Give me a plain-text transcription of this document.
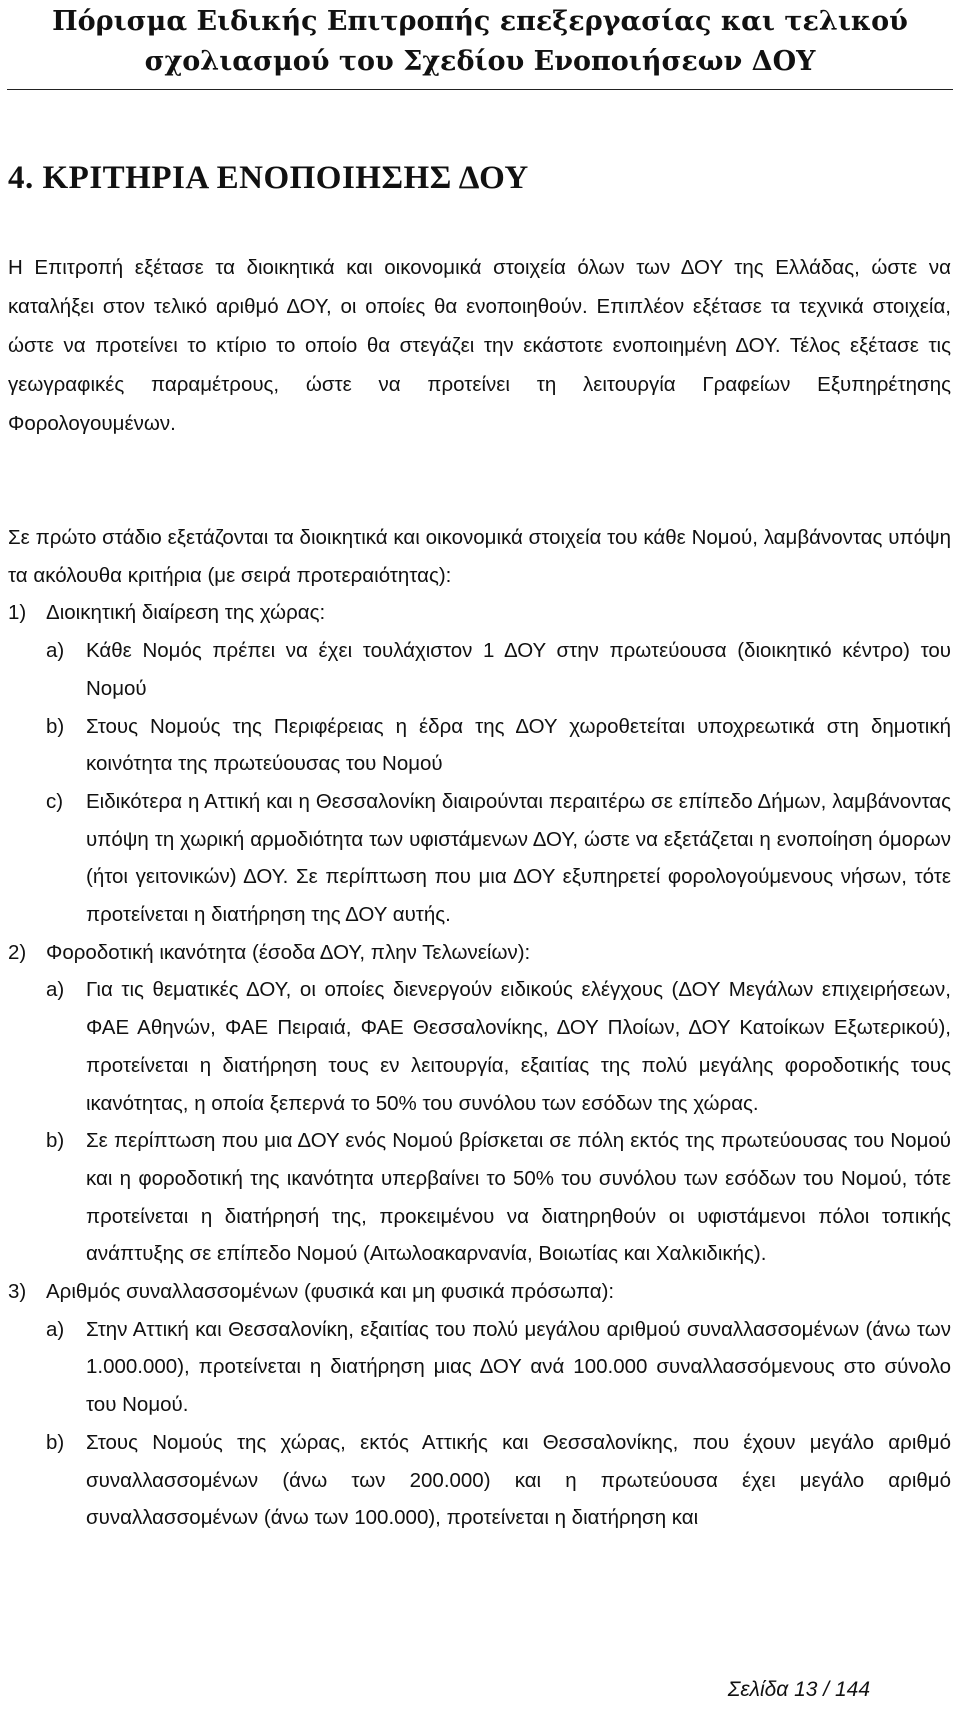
Πόρισμα Ειδικής Επιτροπής επεξεργασίας και τελικού
σχολιασμού του Σχεδίου Ενοποιήσεων ΔΟΥ
4. ΚΡΙΤΗΡΙΑ ΕΝΟΠΟΙΗΣΗΣ ΔΟΥ

Η Επιτροπή εξέτασε τα διοικητικά και οικονομικά στοιχεία όλων των ΔΟΥ της Ελλάδας, ώστε να καταλήξει στον τελικό αριθμό ΔΟΥ, οι οποίες θα ενοποιηθούν. Επιπλέον εξέτασε τα τεχνικά στοιχεία, ώστε να προτείνει το κτίριο το οποίο θα στεγάζει την εκάστοτε ενοποιημένη ΔΟΥ. Τέλος εξέτασε τις γεωγραφικές παραμέτρους, ώστε να προτείνει τη λειτουργία Γραφείων Εξυπηρέτησης Φορολογουμένων.

Σε πρώτο στάδιο εξετάζονται τα διοικητικά και οικονομικά στοιχεία του κάθε Νομού, λαμβάνοντας υπόψη τα ακόλουθα κριτήρια (με σειρά προτεραιότητας):

1) Διοικητική διαίρεση της χώρας:
a)	Κάθε Νομός πρέπει να έχει τουλάχιστον 1 ΔΟΥ στην πρωτεύουσα (διοικητικό κέντρο) του Νομού
b)	Στους Νομούς της Περιφέρειας η έδρα της ΔΟΥ χωροθετείται υποχρεωτικά στη δημοτική κοινότητα της πρωτεύουσας του Νομού
c)	Ειδικότερα η Αττική και η Θεσσαλονίκη διαιρούνται περαιτέρω σε επίπεδο Δήμων, λαμβάνοντας υπόψη τη χωρική αρμοδιότητα των υφιστάμενων ΔΟΥ, ώστε να εξετάζεται η ενοποίηση όμορων (ήτοι γειτονικών) ΔΟΥ. Σε περίπτωση που μια ΔΟΥ εξυπηρετεί φορολογούμενους νήσων, τότε προτείνεται η διατήρηση της ΔΟΥ αυτής.
2) Φοροδοτική ικανότητα (έσοδα ΔΟΥ, πλην Τελωνείων):
a)	Για τις θεματικές ΔΟΥ, οι οποίες διενεργούν ειδικούς ελέγχους (ΔΟΥ Μεγάλων επιχειρήσεων, ΦΑΕ Αθηνών, ΦΑΕ Πειραιά, ΦΑΕ Θεσσαλονίκης, ΔΟΥ Πλοίων, ΔΟΥ Κατοίκων Εξωτερικού), προτείνεται η διατήρηση τους εν λειτουργία, εξαιτίας της πολύ μεγάλης φοροδοτικής τους ικανότητας, η οποία ξεπερνά το 50% του συνόλου των εσόδων της χώρας.
b)	Σε περίπτωση που μια ΔΟΥ ενός Νομού βρίσκεται σε πόλη εκτός της πρωτεύουσας του Νομού και η φοροδοτική της ικανότητα υπερβαίνει το 50% του συνόλου των εσόδων του Νομού, τότε προτείνεται η διατήρησή της, προκειμένου να διατηρηθούν οι υφιστάμενοι πόλοι τοπικής ανάπτυξης σε επίπεδο Νομού (Αιτωλοακαρνανία, Βοιωτίας και Χαλκιδικής).
3) Αριθμός συναλλασσομένων (φυσικά και μη φυσικά πρόσωπα):
a)	Στην Αττική και Θεσσαλονίκη, εξαιτίας του πολύ μεγάλου αριθμού συναλλασσομένων (άνω των 1.000.000), προτείνεται η διατήρηση μιας ΔΟΥ ανά 100.000 συναλλασσόμενους στο σύνολο του Νομού.
b)	Στους Νομούς της χώρας, εκτός Αττικής και Θεσσαλονίκης, που έχουν μεγάλο αριθμό συναλλασσομένων (άνω των 200.000) και η πρωτεύουσα έχει μεγάλο αριθμό συναλλασσομένων (άνω των 100.000), προτείνεται η διατήρηση και
Σελίδα 13 / 144
